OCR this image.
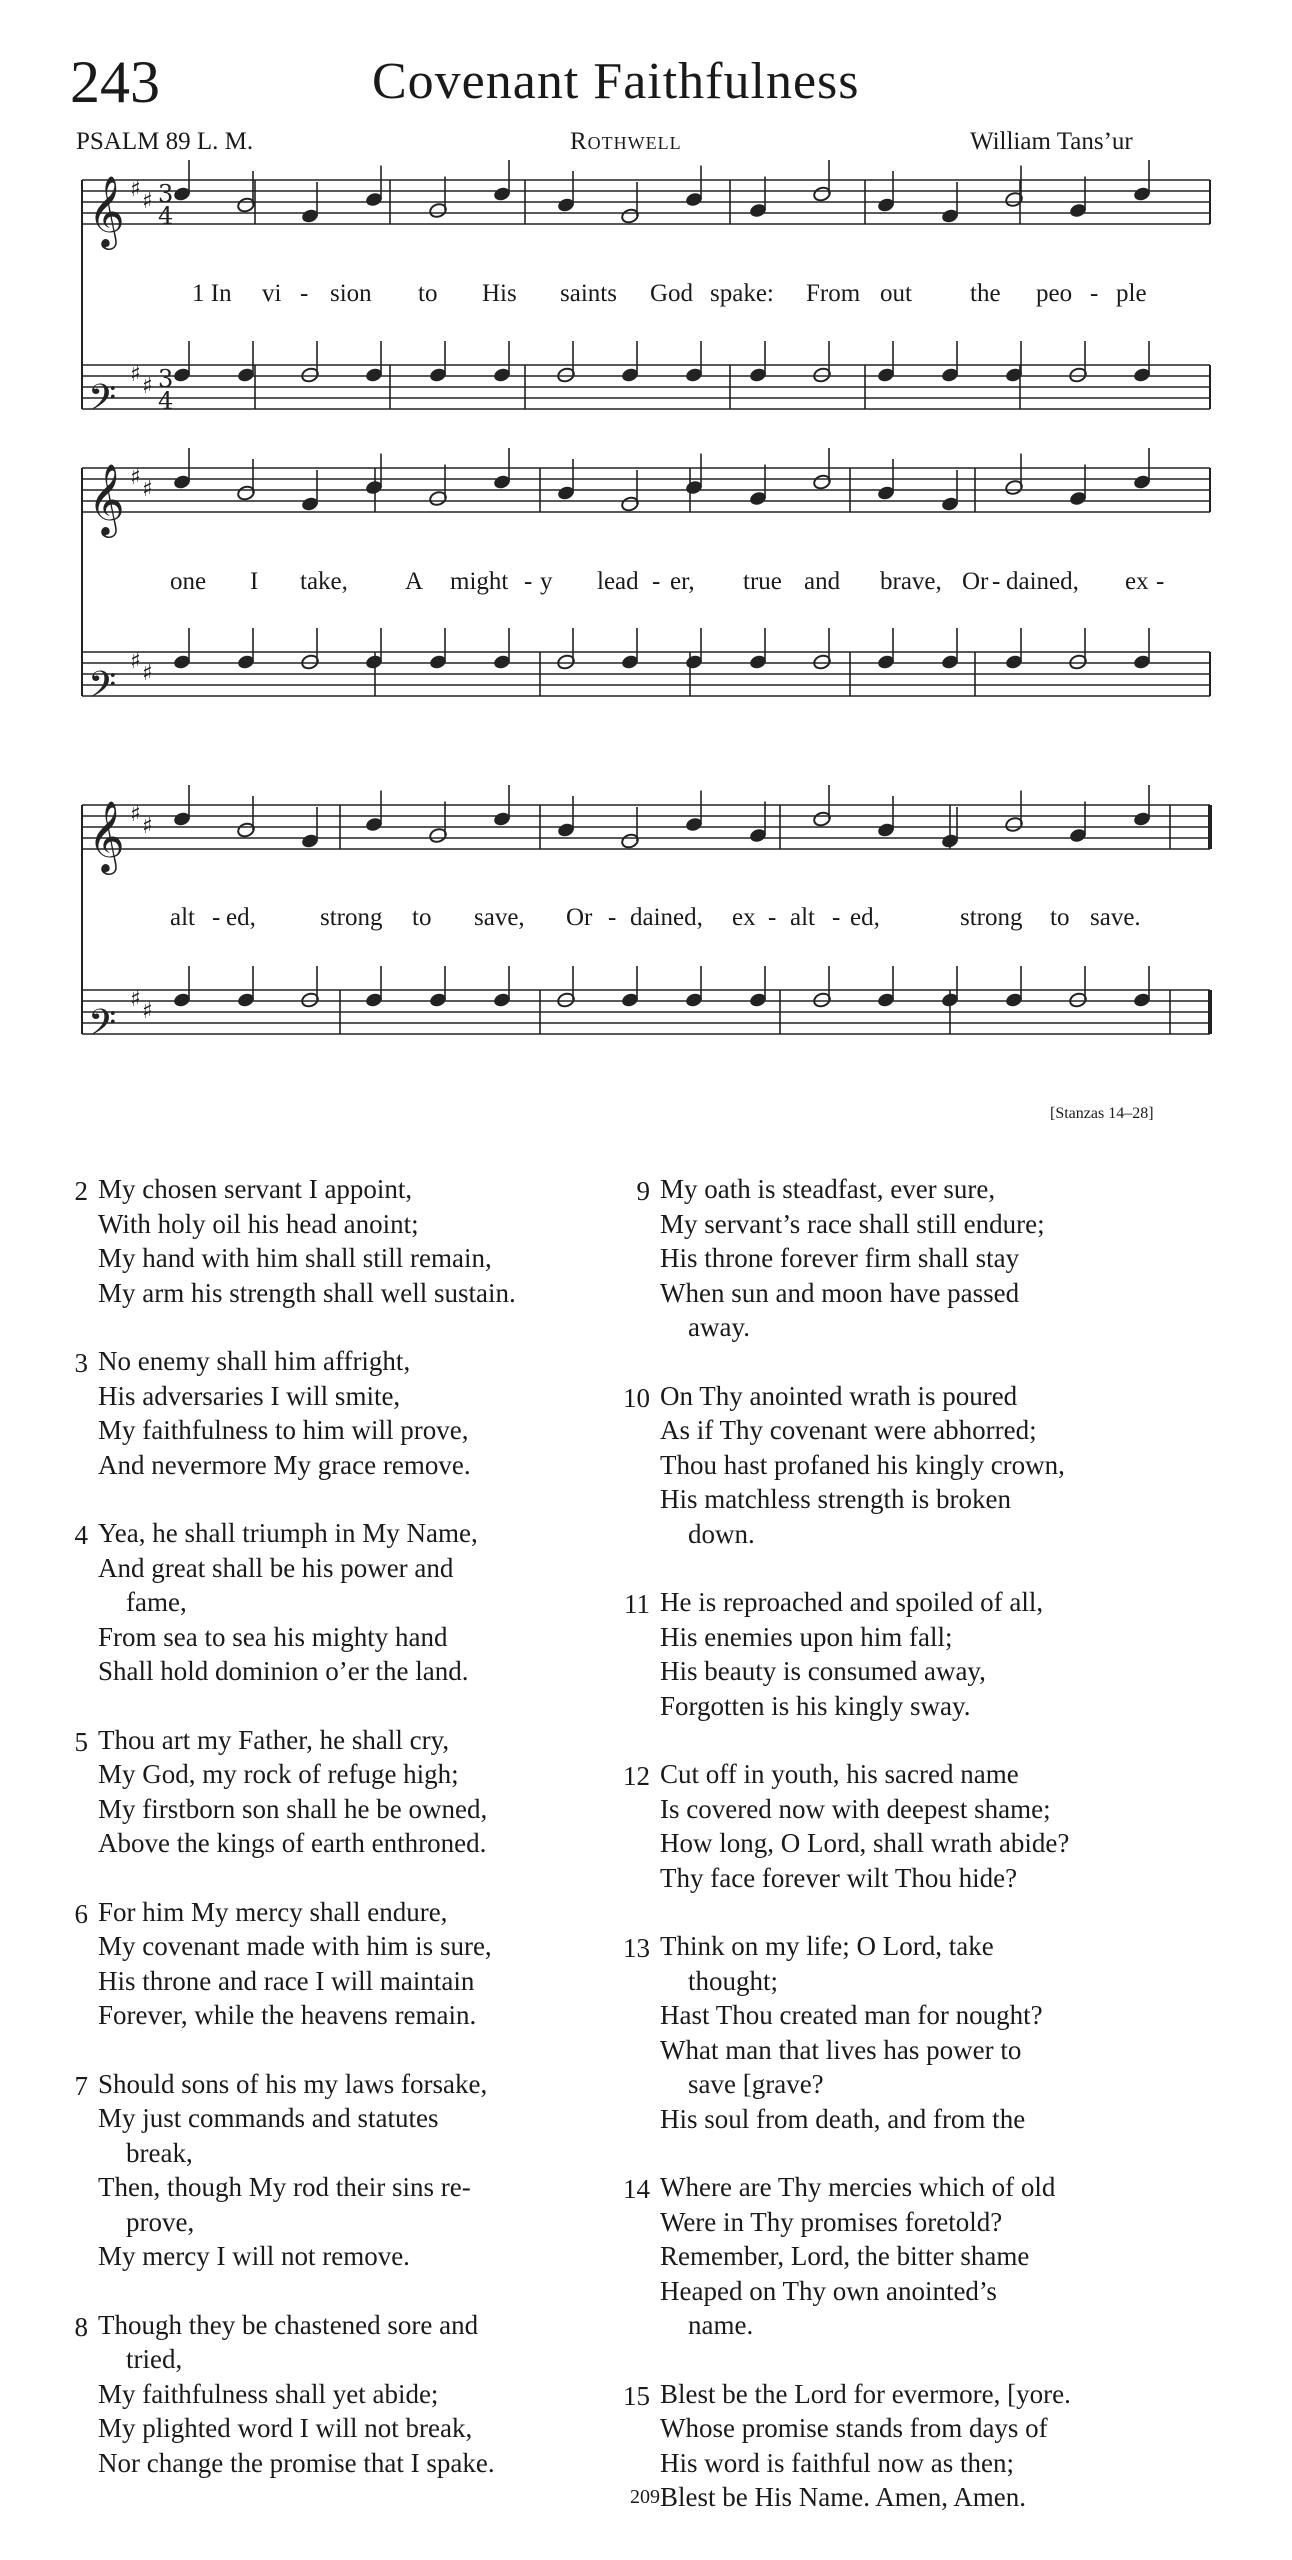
243	Covenant Faithfulness
PSALM 89 L. M.	Rothwell	William Tans’ur
𝄞 ♯ ♯ 3
4
𝄢
♯ ♯ 3
4
𝄞 ♯ ♯
𝄢
♯ ♯
𝄞 ♯ ♯
𝄢
♯ ♯
1 In vi - sion to His saints God spake: From out the peo - ple
one I take, A might - y lead - er, true and brave, Or - dained, ex -
alt - ed,	strong to save, Or - dained, ex - alt - ed,	strong to save.
[Stanzas 14–28]
2 My chosen servant I appoint,
With holy oil his head anoint;
My hand with him shall still remain,
My arm his strength shall well sustain.
3 No enemy shall him affright,
His adversaries I will smite,
My faithfulness to him will prove,
And nevermore My grace remove.
4 Yea, he shall triumph in My Name,
And great shall be his power and
fame,
From sea to sea his mighty hand
Shall hold dominion o’er the land.
5 Thou art my Father, he shall cry,
My God, my rock of refuge high;
My firstborn son shall he be owned,
Above the kings of earth enthroned.
6 For him My mercy shall endure,
My covenant made with him is sure,
His throne and race I will maintain
Forever, while the heavens remain.
7 Should sons of his my laws forsake,
My just commands and statutes
break,
Then, though My rod their sins re-
prove,
My mercy I will not remove.
8 Though they be chastened sore and
tried,
My faithfulness shall yet abide;
My plighted word I will not break,
Nor change the promise that I spake.
9 My oath is steadfast, ever sure,
My servant’s race shall still endure;
His throne forever firm shall stay
When sun and moon have passed
away.
10 On Thy anointed wrath is poured
As if Thy covenant were abhorred;
Thou hast profaned his kingly crown,
His matchless strength is broken
down.
11 He is reproached and spoiled of all,
His enemies upon him fall;
His beauty is consumed away,
Forgotten is his kingly sway.
12 Cut off in youth, his sacred name
Is covered now with deepest shame;
How long, O Lord, shall wrath abide?
Thy face forever wilt Thou hide?
13 Think on my life; O Lord, take
thought;
Hast Thou created man for nought?
What man that lives has power to
save [grave?
His soul from death, and from the
14 Where are Thy mercies which of old
Were in Thy promises foretold?
Remember, Lord, the bitter shame
Heaped on Thy own anointed’s
name.
15 Blest be the Lord for evermore, [yore.
Whose promise stands from days of
His word is faithful now as then;
Blest be His Name. Amen, Amen.
209
